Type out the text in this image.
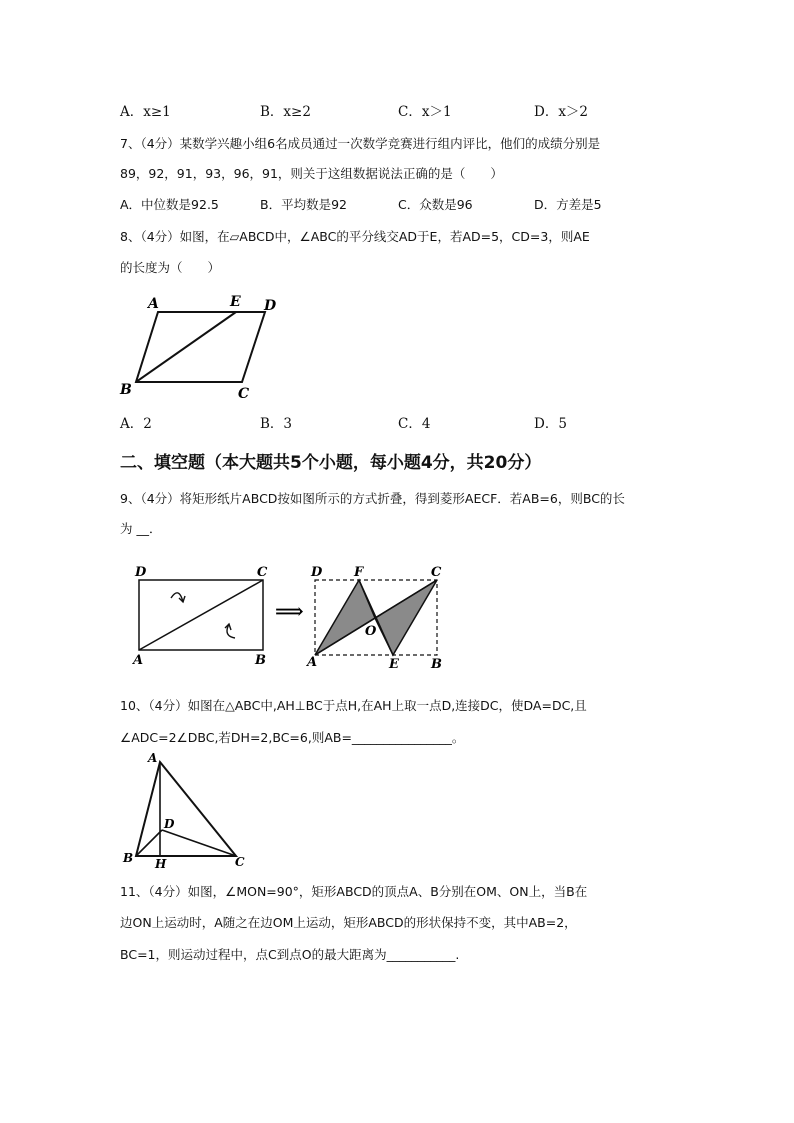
A．x≥1	B．x≥2	C．x＞1	D．x＞2
7、（4分）某数学兴趣小组6名成员通过一次数学竞赛进行组内评比，他们的成绩分别是
89，92，91，93，96，91，则关于这组数据说法正确的是（　　）
A．中位数是92.5	B．平均数是92	C．众数是96	D．方差是5
8、（4分）如图，在▱ABCD中，∠ABC的平分线交AD于E，若AD=5，CD=3，则AE
的长度为（　　）
A	E D
B	C
A．2	B．3	C．4	D．5
二、填空题（本大题共5个小题，每小题4分，共20分）
9、（4分）将矩形纸片ABCD按如图所示的方式折叠，得到菱形AECF．若AB=6，则BC的长
为 __．
D	C
A	B
⟹
D F	C
O
A	E B
10、（4分）如图在△ABC中,AH⊥BC于点H,在AH上取一点D,连接DC，使DA=DC,且
∠ADC=2∠DBC,若DH=2,BC=6,则AB=________________。
A
D
B H	C
11、（4分）如图，∠MON=90°，矩形ABCD的顶点A、B分别在OM、ON上，当B在
边ON上运动时，A随之在边OM上运动，矩形ABCD的形状保持不变，其中AB=2，
BC=1，则运动过程中，点C到点O的最大距离为___________.
